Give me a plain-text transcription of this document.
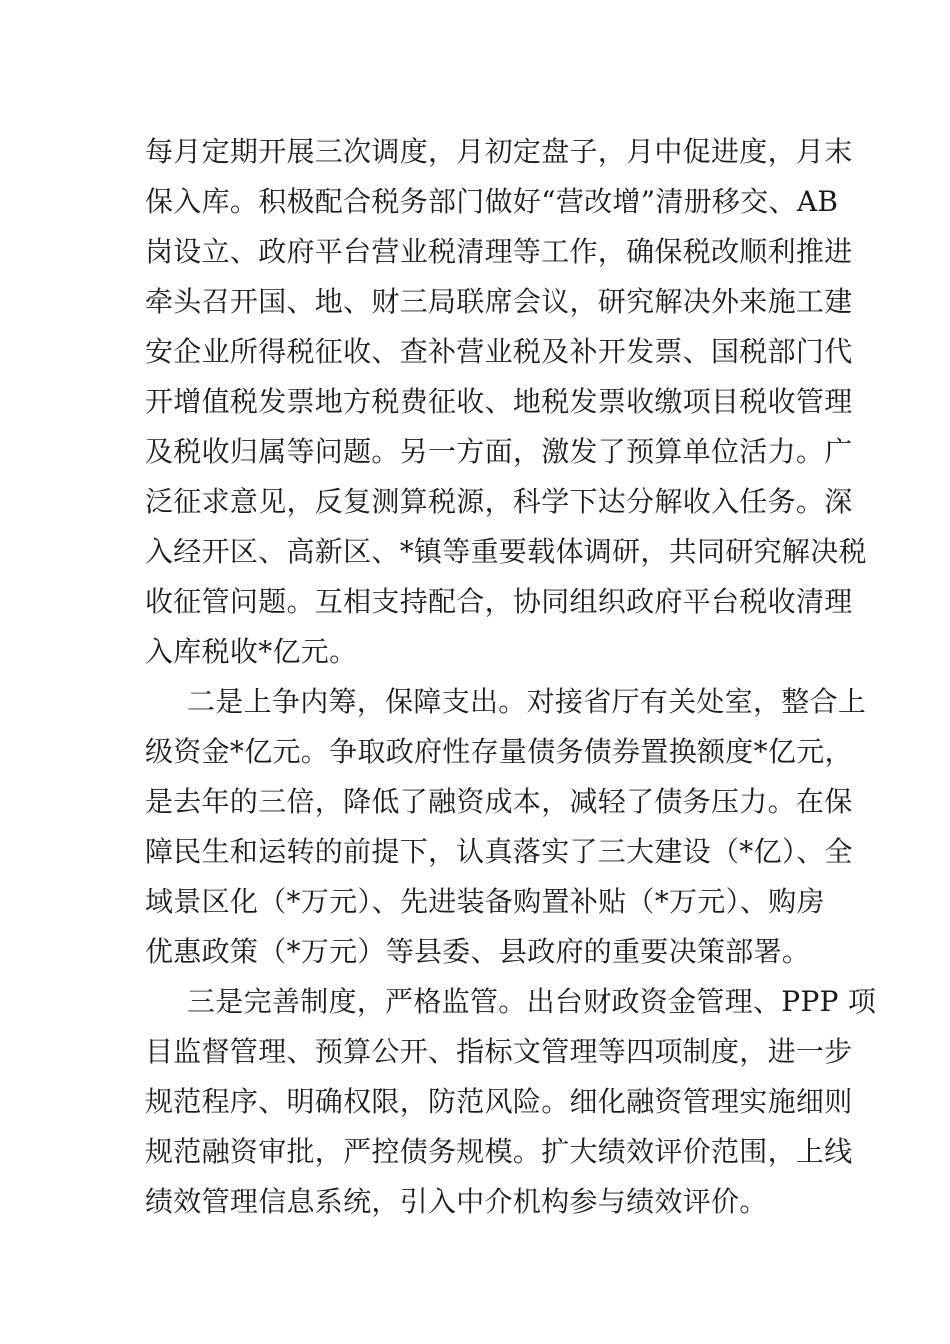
每月定期开展三次调度，月初定盘子，月中促进度，月末
保入库。积极配合税务部门做好“营改增”清册移交、AB
岗设立、政府平台营业税清理等工作，确保税改顺利推进
牵头召开国、地、财三局联席会议，研究解决外来施工建
安企业所得税征收、查补营业税及补开发票、国税部门代
开增值税发票地方税费征收、地税发票收缴项目税收管理
及税收归属等问题。另一方面，激发了预算单位活力。广
泛征求意见，反复测算税源，科学下达分解收入任务。深
入经开区、高新区、*镇等重要载体调研，共同研究解决税
收征管问题。互相支持配合，协同组织政府平台税收清理
入库税收*亿元。
二是上争内筹，保障支出。对接省厅有关处室，整合上
级资金*亿元。争取政府性存量债务债券置换额度*亿元，
是去年的三倍，降低了融资成本，减轻了债务压力。在保
障民生和运转的前提下，认真落实了三大建设（*亿）、全
域景区化（*万元）、先进装备购置补贴（*万元）、购房
优惠政策（*万元）等县委、县政府的重要决策部署。
三是完善制度，严格监管。出台财政资金管理、PPP 项
目监督管理、预算公开、指标文管理等四项制度，进一步
规范程序、明确权限，防范风险。细化融资管理实施细则
规范融资审批，严控债务规模。扩大绩效评价范围，上线
绩效管理信息系统，引入中介机构参与绩效评价。
